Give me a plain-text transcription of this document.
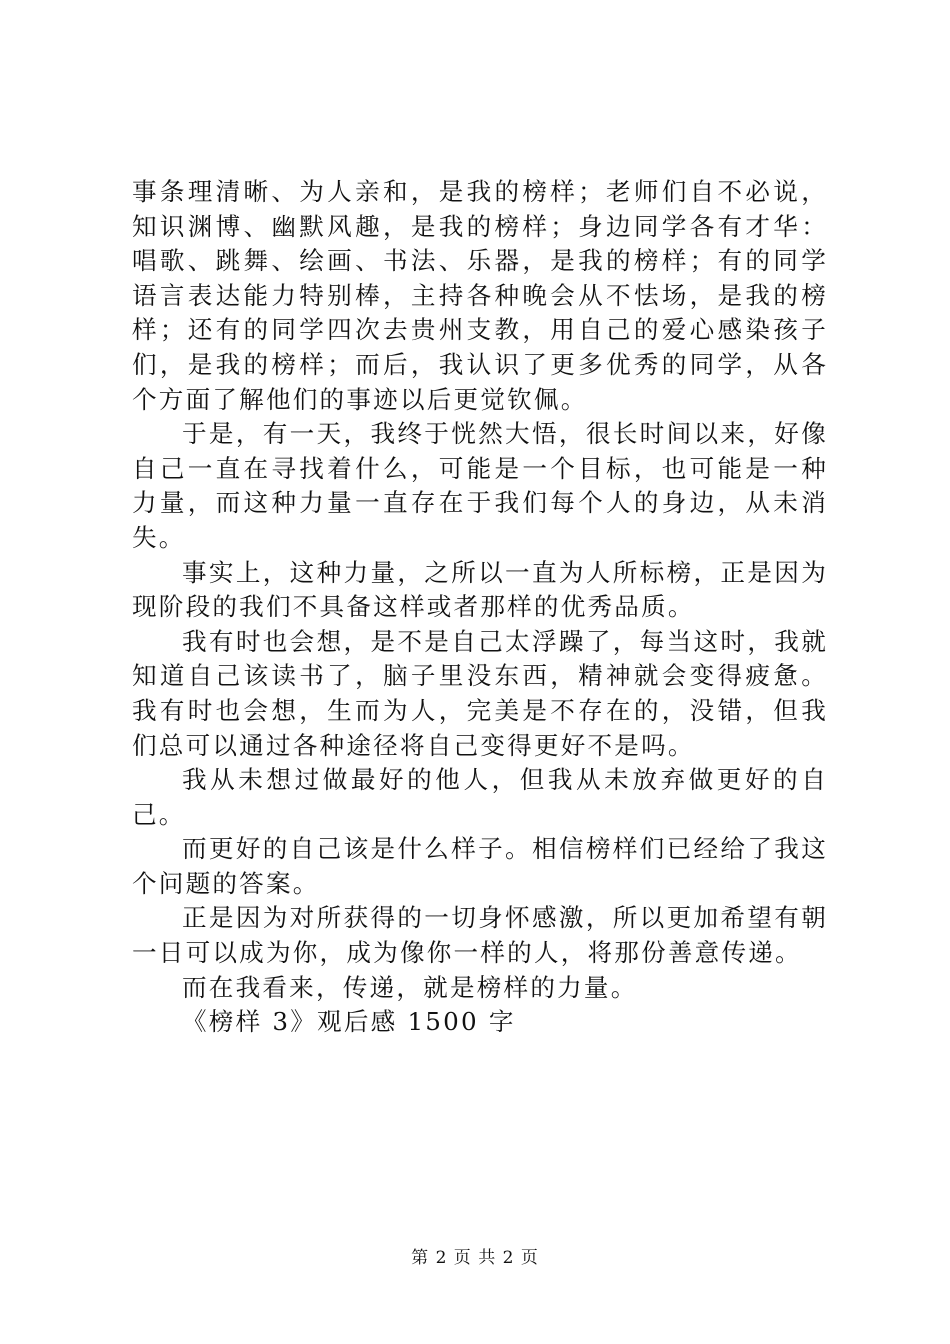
事条理清晰、为人亲和，是我的榜样；老师们自不必说，知识渊博、幽默风趣，是我的榜样；身边同学各有才华：唱歌、跳舞、绘画、书法、乐器，是我的榜样；有的同学语言表达能力特别棒，主持各种晚会从不怯场，是我的榜样；还有的同学四次去贵州支教，用自己的爱心感染孩子们，是我的榜样；而后，我认识了更多优秀的同学，从各个方面了解他们的事迹以后更觉钦佩。

于是，有一天，我终于恍然大悟，很长时间以来，好像自己一直在寻找着什么，可能是一个目标，也可能是一种力量，而这种力量一直存在于我们每个人的身边，从未消失。

事实上，这种力量，之所以一直为人所标榜，正是因为现阶段的我们不具备这样或者那样的优秀品质。

我有时也会想，是不是自己太浮躁了，每当这时，我就知道自己该读书了，脑子里没东西，精神就会变得疲惫。我有时也会想，生而为人，完美是不存在的，没错，但我们总可以通过各种途径将自己变得更好不是吗。

我从未想过做最好的他人，但我从未放弃做更好的自己。

而更好的自己该是什么样子。相信榜样们已经给了我这个问题的答案。

正是因为对所获得的一切身怀感激，所以更加希望有朝一日可以成为你，成为像你一样的人，将那份善意传递。

而在我看来，传递，就是榜样的力量。

《榜样 3》观后感 1500 字

第 2 页 共 2 页
